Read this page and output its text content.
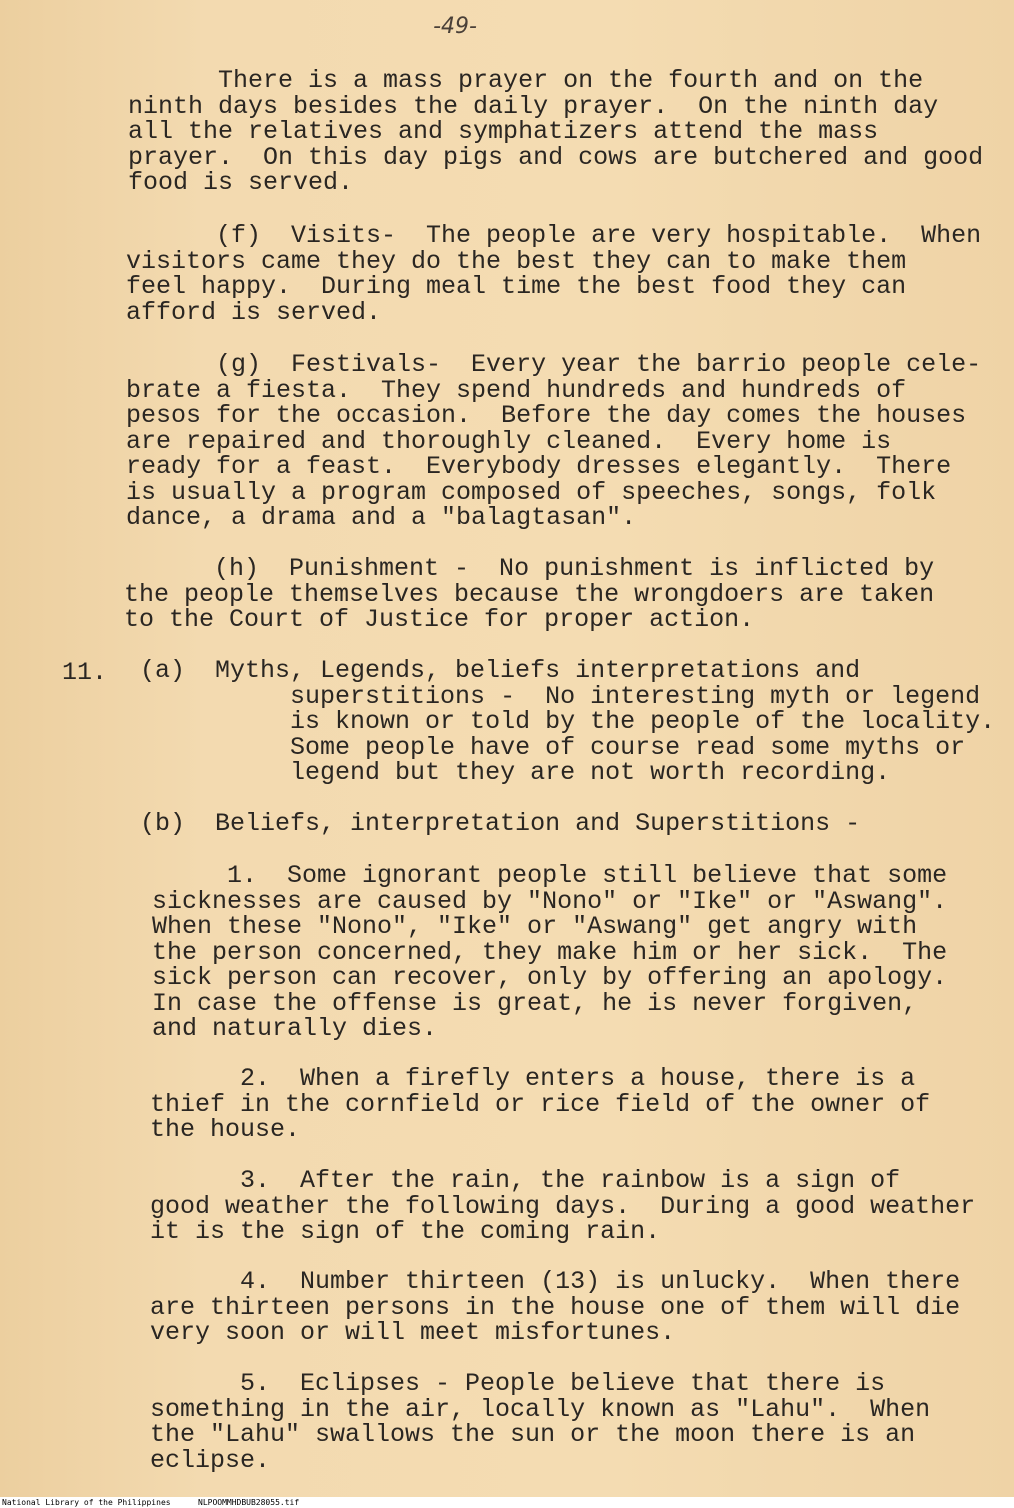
-49-

There is a mass prayer on the fourth and on the
ninth days besides the daily prayer.  On the ninth day
all the relatives and symphatizers attend the mass
prayer.  On this day pigs and cows are butchered and good
food is served.

(f)  Visits-  The people are very hospitable.  When
visitors came they do the best they can to make them
feel happy.  During meal time the best food they can
afford is served.

(g)  Festivals-  Every year the barrio people cele-
brate a fiesta.  They spend hundreds and hundreds of
pesos for the occasion.  Before the day comes the houses
are repaired and thoroughly cleaned.  Every home is
ready for a feast.  Everybody dresses elegantly.  There
is usually a program composed of speeches, songs, folk
dance, a drama and a "balagtasan".

(h)  Punishment -  No punishment is inflicted by
the people themselves because the wrongdoers are taken
to the Court of Justice for proper action.

11. (a)  Myths, Legends, beliefs interpretations and
superstitions -  No interesting myth or legend
is known or told by the people of the locality.
Some people have of course read some myths or
legend but they are not worth recording.

(b)  Beliefs, interpretation and Superstitions -

1.  Some ignorant people still believe that some
sicknesses are caused by "Nono" or "Ike" or "Aswang".
When these "Nono", "Ike" or "Aswang" get angry with
the person concerned, they make him or her sick.  The
sick person can recover, only by offering an apology.
In case the offense is great, he is never forgiven,
and naturally dies.

2.  When a firefly enters a house, there is a
thief in the cornfield or rice field of the owner of
the house.

3.  After the rain, the rainbow is a sign of
good weather the following days.  During a good weather
it is the sign of the coming rain.

4.  Number thirteen (13) is unlucky.  When there
are thirteen persons in the house one of them will die
very soon or will meet misfortunes.

5.  Eclipses - People believe that there is
something in the air, locally known as "Lahu".  When
the "Lahu" swallows the sun or the moon there is an
eclipse.

National Library of the Philippines	NLPOOMMHDBUB28055.tif
